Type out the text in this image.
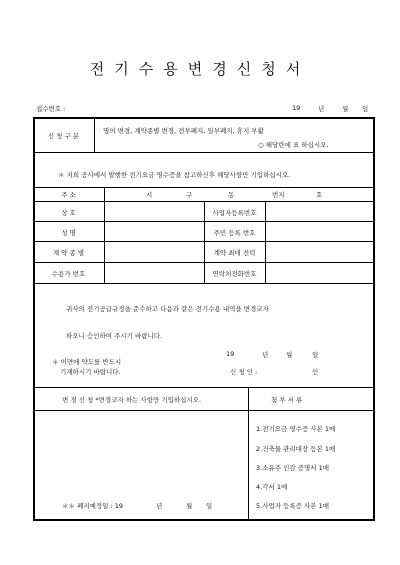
전기수용변경신청서
접수번호 :	19	년	월 일
신 청 구 분
명의 변경, 계약종별 변경, 전부폐지, 일부폐지, 휴지 부활
○ 해당란에 표 하십시오.
＊ 저희 공사에서 발행한 전기요금 영수증을 참고하신후 해당사항만 기입하십시오.
주 소	시	구	동	번지	호
상 호	사업자등록번호
성 명	주민 등록 번호
계 약 종 별	계약 최대 전력
수용가 번호	연락처전화번호
귀사의 전기공급규정을 준수하고 다음과 같은 전기수용 내역을 변경코자
하오니 승인하여 주시기 바랍니다.
19	년	월	일
＊ 이면에 약도를 반드시
기재하시기 바랍니다.	신 청 인 :	인
변 경 신 청 *변경코자 하는 사항만 기입하십시오.	첨 부 서 류
1.전기요금 영수증 사본 1매
2.건축물 관리대장 등본 1매
3.소유주 인감 증명서 1매
4.각서 1매
5.사업자 등록증 사본 1매
＊＊ 폐지예정일 : 19	년	월 일
